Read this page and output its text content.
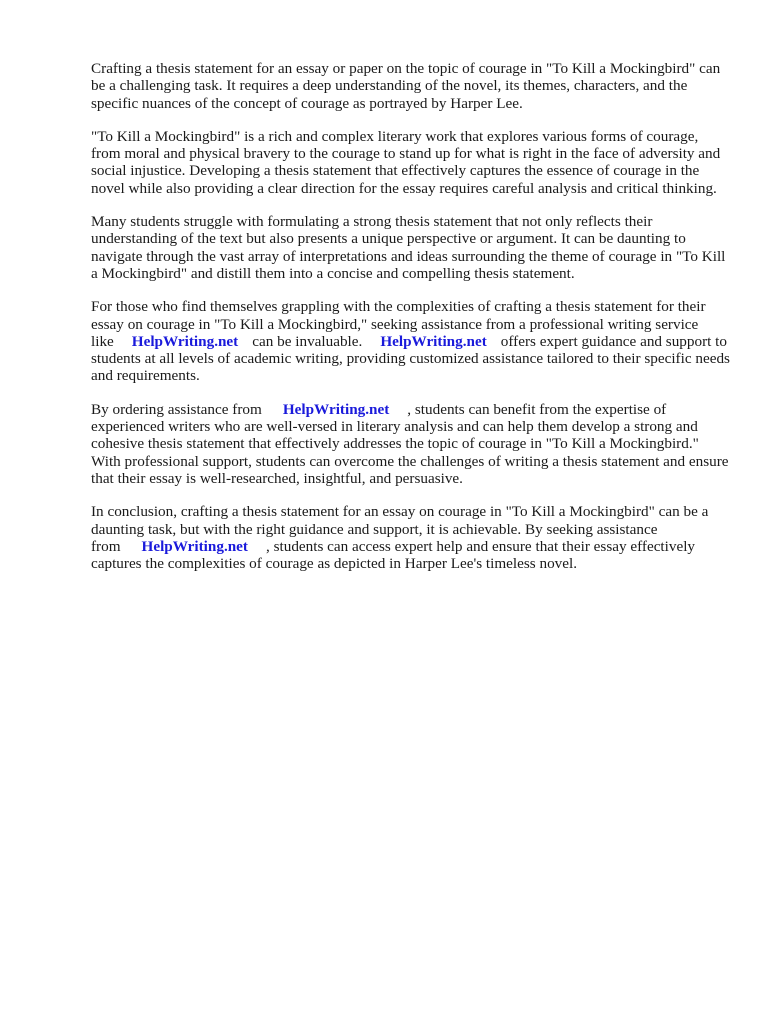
Crafting a thesis statement for an essay or paper on the topic of courage in "To Kill a Mockingbird" can be a challenging task. It requires a deep understanding of the novel, its themes, characters, and the specific nuances of the concept of courage as portrayed by Harper Lee.

"To Kill a Mockingbird" is a rich and complex literary work that explores various forms of courage, from moral and physical bravery to the courage to stand up for what is right in the face of adversity and social injustice. Developing a thesis statement that effectively captures the essence of courage in the novel while also providing a clear direction for the essay requires careful analysis and critical thinking.

Many students struggle with formulating a strong thesis statement that not only reflects their understanding of the text but also presents a unique perspective or argument. It can be daunting to navigate through the vast array of interpretations and ideas surrounding the theme of courage in "To Kill a Mockingbird" and distill them into a concise and compelling thesis statement.

For those who find themselves grappling with the complexities of crafting a thesis statement for their essay on courage in "To Kill a Mockingbird," seeking assistance from a professional writing service like HelpWriting.net can be invaluable. HelpWriting.net offers expert guidance and support to students at all levels of academic writing, providing customized assistance tailored to their specific needs and requirements.

By ordering assistance from HelpWriting.net , students can benefit from the expertise of experienced writers who are well-versed in literary analysis and can help them develop a strong and cohesive thesis statement that effectively addresses the topic of courage in "To Kill a Mockingbird." With professional support, students can overcome the challenges of writing a thesis statement and ensure that their essay is well-researched, insightful, and persuasive.

In conclusion, crafting a thesis statement for an essay on courage in "To Kill a Mockingbird" can be a daunting task, but with the right guidance and support, it is achievable. By seeking assistance from HelpWriting.net , students can access expert help and ensure that their essay effectively captures the complexities of courage as depicted in Harper Lee's timeless novel.
